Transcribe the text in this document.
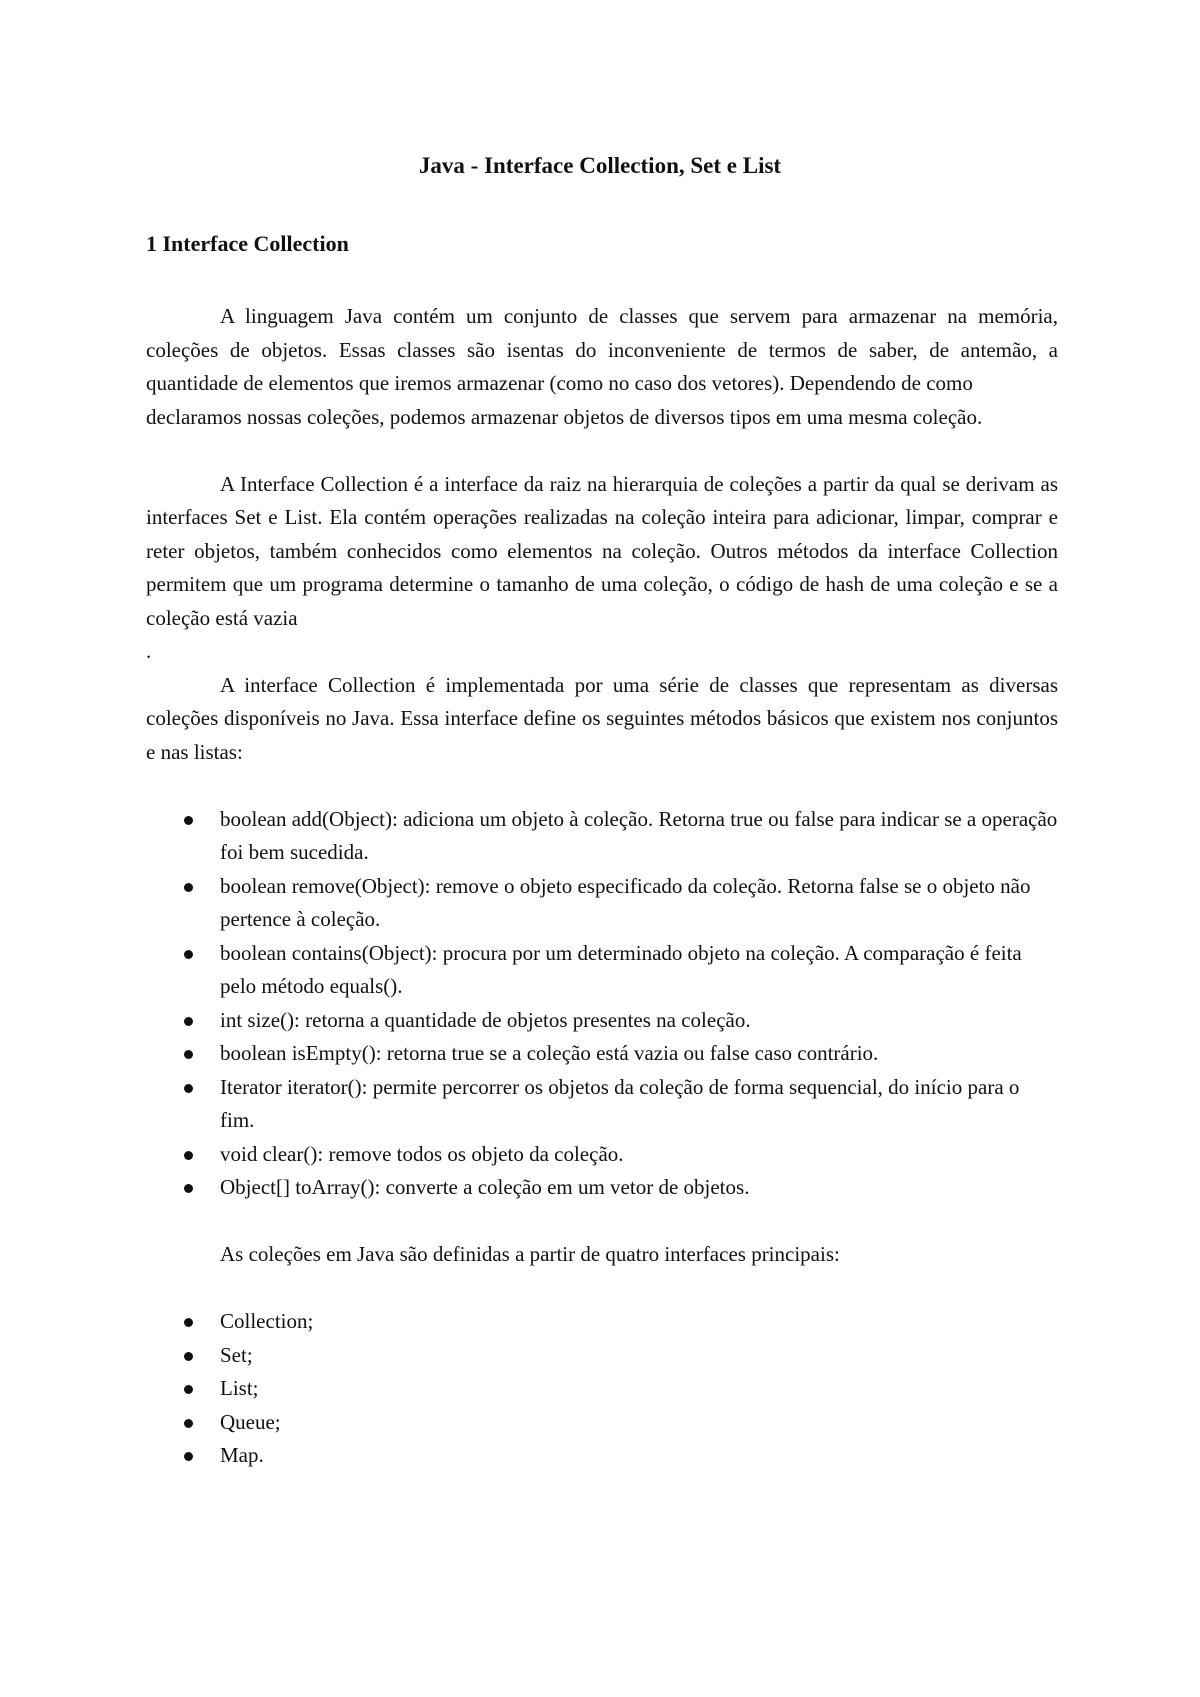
Java - Interface Collection, Set e List
1 Interface Collection

A linguagem Java contém um conjunto de classes que servem para armazenar na memória, coleções de objetos. Essas classes são isentas do inconveniente de termos de saber, de antemão, a quantidade de elementos que iremos armazenar (como no caso dos vetores). Dependendo de como

declaramos nossas coleções, podemos armazenar objetos de diversos tipos em uma mesma coleção.

A Interface Collection é a interface da raiz na hierarquia de coleções a partir da qual se derivam as interfaces Set e List. Ela contém operações realizadas na coleção inteira para adicionar, limpar, comprar e reter objetos, também conhecidos como elementos na coleção. Outros métodos da interface Collection permitem que um programa determine o tamanho de uma coleção, o código de hash de uma coleção e se a coleção está vazia

.

A interface Collection é implementada por uma série de classes que representam as diversas coleções disponíveis no Java. Essa interface define os seguintes métodos básicos que existem nos conjuntos e nas listas:

boolean add(Object): adiciona um objeto à coleção. Retorna true ou false para indicar se a operação foi bem sucedida.
boolean remove(Object): remove o objeto especificado da coleção. Retorna false se o objeto não pertence à coleção.
boolean contains(Object): procura por um determinado objeto na coleção. A comparação é feita pelo método equals().
int size(): retorna a quantidade de objetos presentes na coleção.
boolean isEmpty(): retorna true se a coleção está vazia ou false caso contrário.
Iterator iterator(): permite percorrer os objetos da coleção de forma sequencial, do início para o fim.
void clear(): remove todos os objeto da coleção.
Object[] toArray(): converte a coleção em um vetor de objetos.

As coleções em Java são definidas a partir de quatro interfaces principais:

Collection;
Set;
List;
Queue;
Map.
